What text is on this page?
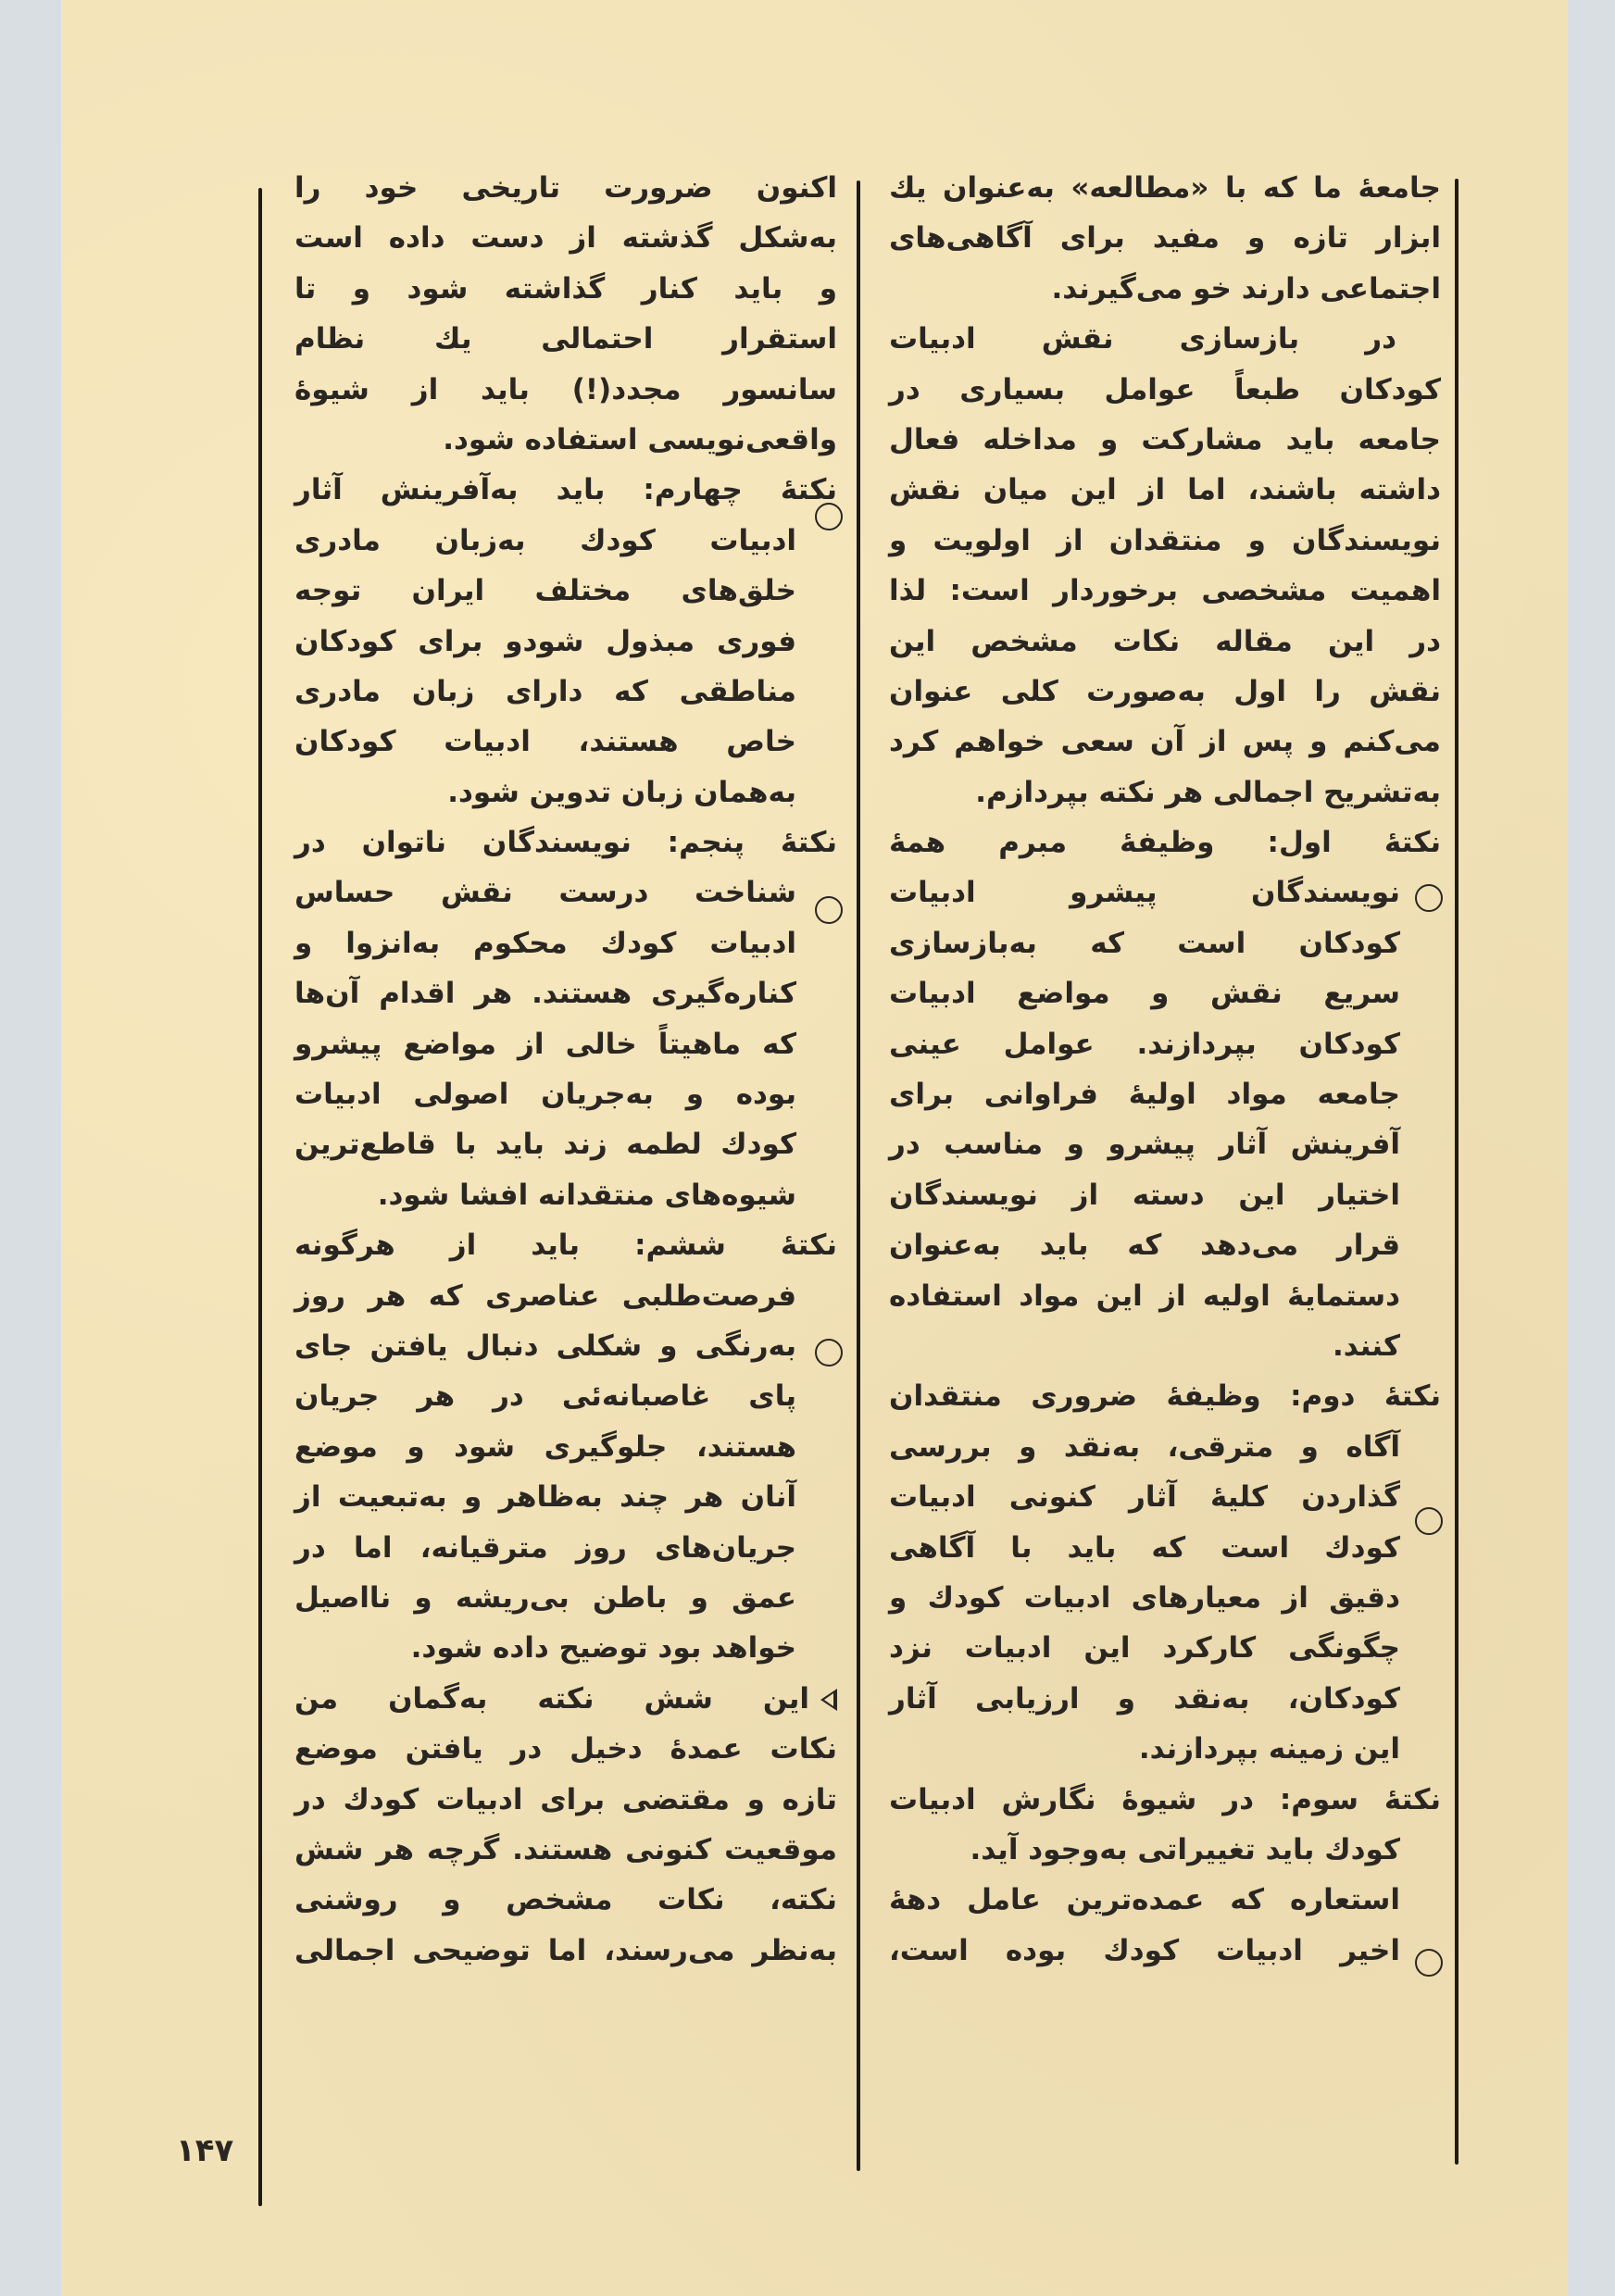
جامعهٔ ما که با «مطالعه» به‌عنوان يك
ابزار تازه و مفيد براى آگاهى‌هاى
اجتماعى دارند خو مى‌گيرند.
در بازسازى نقش ادبيات
کودکان طبعاً عوامل بسيارى در
جامعه بايد مشارکت و مداخله فعال
داشته باشند، اما از اين ميان نقش
نويسندگان و منتقدان از اولويت و
اهميت مشخصى برخوردار است: لذا
در اين مقاله نکات مشخص اين
نقش را اول به‌صورت کلى عنوان
مى‌کنم و پس از آن سعى خواهم کرد
به‌تشريح اجمالى هر نکته بپردازم.
نکتهٔ اول: وظيفهٔ مبرم همهٔ
نويسندگان پيشرو ادبيات
کودکان است که به‌بازسازى
سريع نقش و مواضع ادبيات
کودکان بپردازند. عوامل عينى
جامعه مواد اوليهٔ فراوانى براى
آفرينش آثار پيشرو و مناسب در
اختيار اين دسته از نويسندگان
قرار مى‌دهد که بايد به‌عنوان
دستمايهٔ اوليه از اين مواد استفاده
کنند.
نکتهٔ دوم: وظيفهٔ ضرورى منتقدان
آگاه و مترقى، به‌نقد و بررسى
گذاردن کليهٔ آثار کنونى ادبيات
کودك است که بايد با آگاهى
دقيق از معيارهاى ادبيات کودك و
چگونگى کارکرد اين ادبيات نزد
کودکان، به‌نقد و ارزيابى آثار
اين زمينه بپردازند.
نکتهٔ سوم: در شيوهٔ نگارش ادبيات
کودك بايد تغييراتى به‌وجود آيد.
استعاره که عمده‌ترين عامل دههٔ
اخير ادبيات کودك بوده است،
اکنون ضرورت تاريخى خود را
به‌شکل گذشته از دست داده است
و بايد کنار گذاشته شود و تا
استقرار احتمالى يك نظام
سانسور مجدد(!) بايد از شيوهٔ
واقعى‌نويسى استفاده شود.
نکتهٔ چهارم: بايد به‌آفرينش آثار
ادبيات کودك به‌زبان مادرى
خلق‌هاى مختلف ايران توجه
فورى مبذول شودو براى کودکان
مناطقى که داراى زبان مادرى
خاص هستند، ادبيات کودکان
به‌همان زبان تدوين شود.
نکتهٔ پنجم: نويسندگان ناتوان در
شناخت درست نقش حساس
ادبيات کودك محکوم به‌انزوا و
کناره‌گيرى هستند. هر اقدام آن‌ها
که ماهيتاً خالى از مواضع پيشرو
بوده و به‌جريان اصولى ادبيات
کودك لطمه زند بايد با قاطع‌ترين
شيوه‌هاى منتقدانه افشا شود.
نکتهٔ ششم: بايد از هرگونه
فرصت‌طلبى عناصرى که هر روز
به‌رنگى و شکلى دنبال يافتن جاى
پاى غاصبانه‌ئى در هر جريان
هستند، جلوگيرى شود و موضع
آنان هر چند به‌ظاهر و به‌تبعيت از
جريان‌هاى روز مترقيانه، اما در
عمق و باطن بى‌ريشه و نااصيل
خواهد بود توضيح داده شود.
اين شش نکته به‌گمان من
نکات عمدهٔ دخيل در يافتن موضع
تازه و مقتضى براى ادبيات کودك در
موقعيت کنونى هستند. گرچه هر شش
نکته، نکات مشخص و روشنى
به‌نظر مى‌رسند، اما توضيحى اجمالى
۱۴۷
